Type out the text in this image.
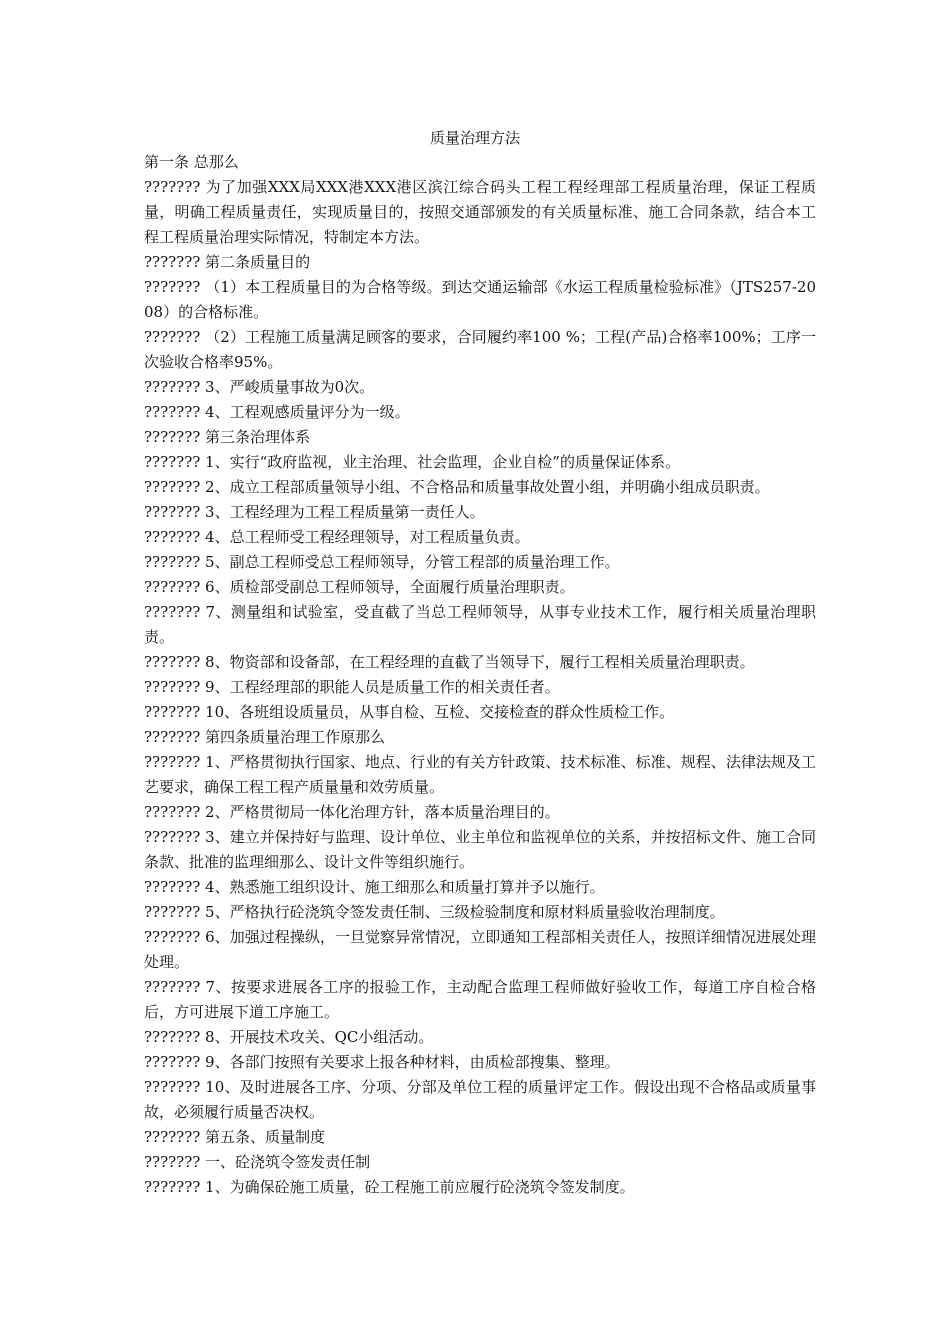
质量治理方法

第一条 总那么

??????? 为了加强XXX局XXX港XXX港区滨江综合码头工程工程经理部工程质量治理，保证工程质量，明确工程质量责任，实现质量目的，按照交通部颁发的有关质量标准、施工合同条款，结合本工程工程质量治理实际情况，特制定本方法。

??????? 第二条质量目的

??????? （1）本工程质量目的为合格等级。到达交通运输部《水运工程质量检验标准》（JTS257-2008）的合格标准。

??????? （2）工程施工质量满足顾客的要求，合同履约率100 %；工程(产品)合格率100%；工序一次验收合格率95%。

??????? 3、严峻质量事故为0次。

??????? 4、工程观感质量评分为一级。

??????? 第三条治理体系

??????? 1、实行“政府监视，业主治理、社会监理，企业自检”的质量保证体系。

??????? 2、成立工程部质量领导小组、不合格品和质量事故处置小组，并明确小组成员职责。

??????? 3、工程经理为工程工程质量第一责任人。

??????? 4、总工程师受工程经理领导，对工程质量负责。

??????? 5、副总工程师受总工程师领导，分管工程部的质量治理工作。

??????? 6、质检部受副总工程师领导，全面履行质量治理职责。

??????? 7、测量组和试验室，受直截了当总工程师领导，从事专业技术工作，履行相关质量治理职责。

??????? 8、物资部和设备部，在工程经理的直截了当领导下，履行工程相关质量治理职责。

??????? 9、工程经理部的职能人员是质量工作的相关责任者。

??????? 10、各班组设质量员，从事自检、互检、交接检查的群众性质检工作。

??????? 第四条质量治理工作原那么

??????? 1、严格贯彻执行国家、地点、行业的有关方针政策、技术标准、标准、规程、法律法规及工艺要求，确保工程工程产质量量和效劳质量。

??????? 2、严格贯彻局一体化治理方针，落本质量治理目的。

??????? 3、建立并保持好与监理、设计单位、业主单位和监视单位的关系，并按招标文件、施工合同条款、批准的监理细那么、设计文件等组织施行。

??????? 4、熟悉施工组织设计、施工细那么和质量打算并予以施行。

??????? 5、严格执行砼浇筑令签发责任制、三级检验制度和原材料质量验收治理制度。

??????? 6、加强过程操纵，一旦觉察异常情况，立即通知工程部相关责任人，按照详细情况进展处理处理。

??????? 7、按要求进展各工序的报验工作，主动配合监理工程师做好验收工作，每道工序自检合格后，方可进展下道工序施工。

??????? 8、开展技术攻关、QC小组活动。

??????? 9、各部门按照有关要求上报各种材料，由质检部搜集、整理。

??????? 10、及时进展各工序、分项、分部及单位工程的质量评定工作。假设出现不合格品或质量事故，必须履行质量否决权。

??????? 第五条、质量制度

??????? 一、砼浇筑令签发责任制

??????? 1、为确保砼施工质量，砼工程施工前应履行砼浇筑令签发制度。
